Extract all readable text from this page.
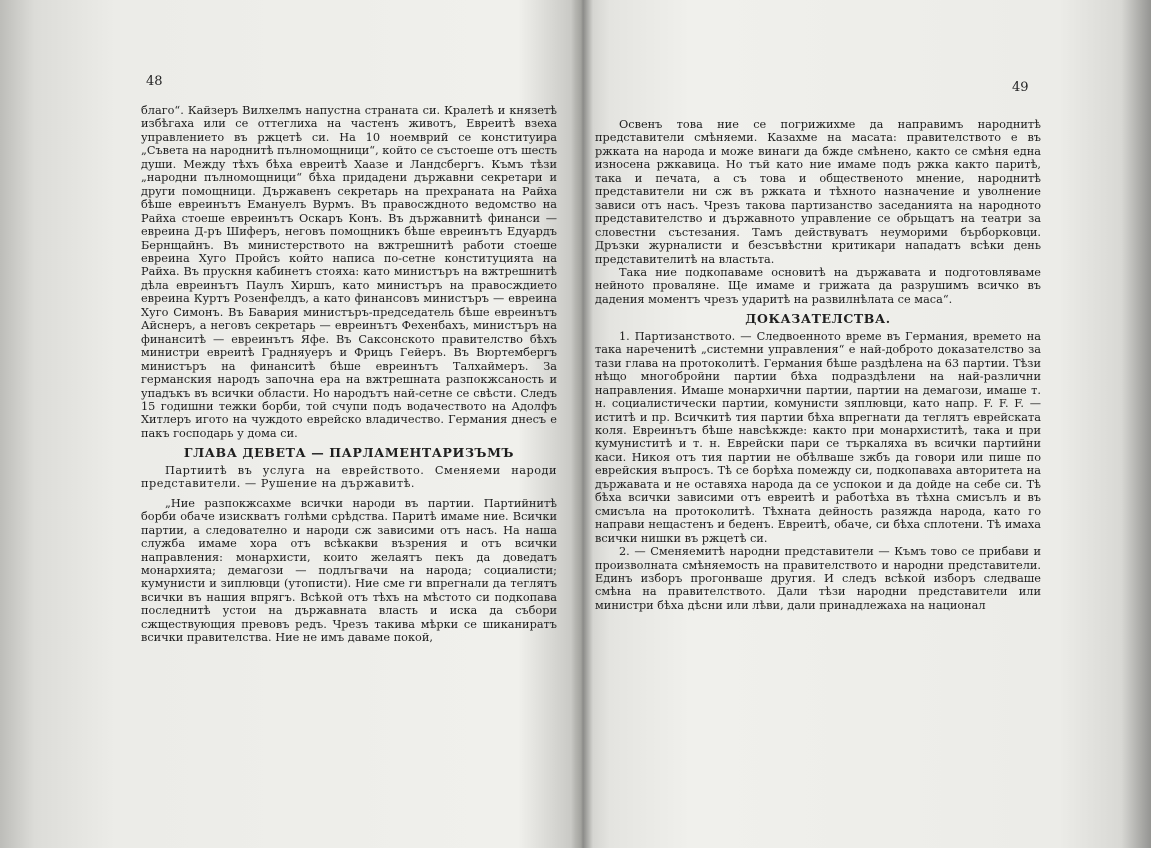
48	49

благо“. Кайзеръ Вилхелмъ напустна страната си. Кралетѣ и князетѣ избѣгаха или се оттеглиха на частенъ животъ, Евреитѣ взеха управлението въ ржцетѣ си. На 10 ноемврий се конституира „Съвета на народнитѣ пълномощници“, който се състоеше отъ шесть души. Между тѣхъ бѣха евреитѣ Хаазе и Ландсбергъ. Къмъ тѣзи „народни пълномощници“ бѣха придадени държавни секретари и други помощници. Държавенъ секретарь на прехраната на Райха бѣше евреинътъ Емануелъ Вурмъ. Въ правосждното ведомство на Райха стоеше евреинътъ Оскаръ Конъ. Въ държавнитѣ финанси — евреина Д-ръ Шиферъ, неговъ помощникъ бѣше евреинътъ Едуардъ Бернщайнъ. Въ министерството на вжтрешнитѣ работи стоеше евреина Хуго Пройсъ който написа по-сетне конституцията на Райха. Въ прускня кабинетъ стояха: като министъръ на вжтрешнитѣ дѣла евреинътъ Паулъ Хиршъ, като министъръ на правосждието евреина Куртъ Розенфелдъ, а като финансовъ министъръ — евреина Хуго Симонъ. Въ Бавария министъръ-председатель бѣше евреинътъ Айснеръ, а неговъ секретарь — евреинътъ Фехенбахъ, министъръ на финанситѣ — евреинътъ Яфе. Въ Саксонското правителство бѣхъ министри евреитѣ Градняуеръ и Фрицъ Гейеръ. Въ Вюртембергъ министъръ на финанситѣ бѣше евреинътъ Талхаймеръ. За германския народъ започна ера на вжтрешната разпокжсаность и упадъкъ въ всички области. Но народътъ най-сетне се свѣсти. Следъ 15 годишни тежки борби, той счупи подъ водачеството на Адолфъ Хитлеръ игото на чуждото еврейско владичество. Германия днесъ е пакъ господарь у дома си.

ГЛАВА ДЕВЕТА — ПАРЛАМЕНТАРИЗЪМЪ

Партиитѣ въ услуга на еврейството. Сменяеми народи представители. — Рушение на държавитѣ.

„Ние разпокжсахме всички народи въ партии. Партийнитѣ борби обаче изискватъ голѣми срѣдства. Паритѣ имаме ние. Всички партии, а следователно и народи сж зависими отъ насъ. На наша служба имаме хора отъ всѣкакви възрения и отъ всички направления: монархисти, които желаятъ пекъ да доведатъ монархията; демагози — подлъгвачи на народа; социалисти; кумунисти и зиплювци (утописти). Ние сме ги впрегнали да теглятъ всички въ нашия впрягъ. Всѣкой отъ тѣхъ на мѣстото си подкопава последнитѣ устои на държавната власть и иска да събори сжществующия превовъ редъ. Чрезъ такива мѣрки се шиканиратъ всички правителства. Ние не имъ даваме покой,

Освенъ това ние се погрижихме да направимъ народнитѣ представители смѣняеми. Казахме на масата: правителството е въ ржката на народа и може винаги да бжде смѣнено, както се смѣня една износена ржкавица. Но тъй като ние имаме подъ ржка както паритѣ, така и печата, а съ това и общественото мнение, народнитѣ представители ни сж въ ржката и тѣхното назначение и уволнение зависи отъ насъ. Чрезъ такова партизанство заседанията на народното представителство и държавното управление се обрьщатъ на театри за словестни състезания. Тамъ действуватъ неуморими бърборковци. Дръзки журналисти и безсъвѣстни критикари нападатъ всѣки день представителитѣ на властьта.

Така ние подкопаваме основитѣ на държавата и подготовляваме нейното провалянe. Ще имаме и грижата да разрушимъ всичко въ дадения моментъ чрезъ ударитѣ на развилнѣлата се маса“.

ДОКАЗАТЕЛСТВА.

1. Партизанството. — Следвоенното време въ Германия, времето на така нареченитѣ „системни управления“ е най-доброто доказателство за тази глава на протоколитѣ. Германия бѣше раздѣлена на 63 партии. Тѣзи нѣщо многобройни партии бѣха подраздѣлени на най-различни направления. Имаше монархични партии, партии на демагози, имаше т. н. социалистически партии, комунисти зяплювци, като напр. F. F. F. — иститѣ и пр. Всичкитѣ тия партии бѣха впрегнати да теглятъ еврейската коля. Евреинътъ бѣше навсѣкжде: както при монархиститѣ, така и при кумуниститѣ и т. н. Еврейски пари се търкаляха въ всички партийни каси. Никоя отъ тия партии не обѣлваше зжбъ да говори или пише по еврейския въпросъ. Тѣ се борѣха помежду си, подкопаваха авторитета на държавата и не оставяха народа да се успокои и да дойде на себе си. Тѣ бѣха всички зависими отъ евреитѣ и работѣха въ тѣхна смисълъ и въ смисъла на протоколитѣ. Тѣхната дейность разяжда народа, като го направи нещастенъ и беденъ. Евреитѣ, обаче, си бѣха сплотени. Тѣ имаха всички нишки въ ржцетѣ си.

2. — Сменяемитѣ народни представители — Къмъ тово се прибави и произволната смѣняемость на правителството и народни представители. Единъ изборъ прогонваше другия. И следъ всѣкой изборъ следваше смѣна на правителството. Дали тѣзи народни представители или министри бѣха дѣсни или лѣви, дали принадлежаха на национал
